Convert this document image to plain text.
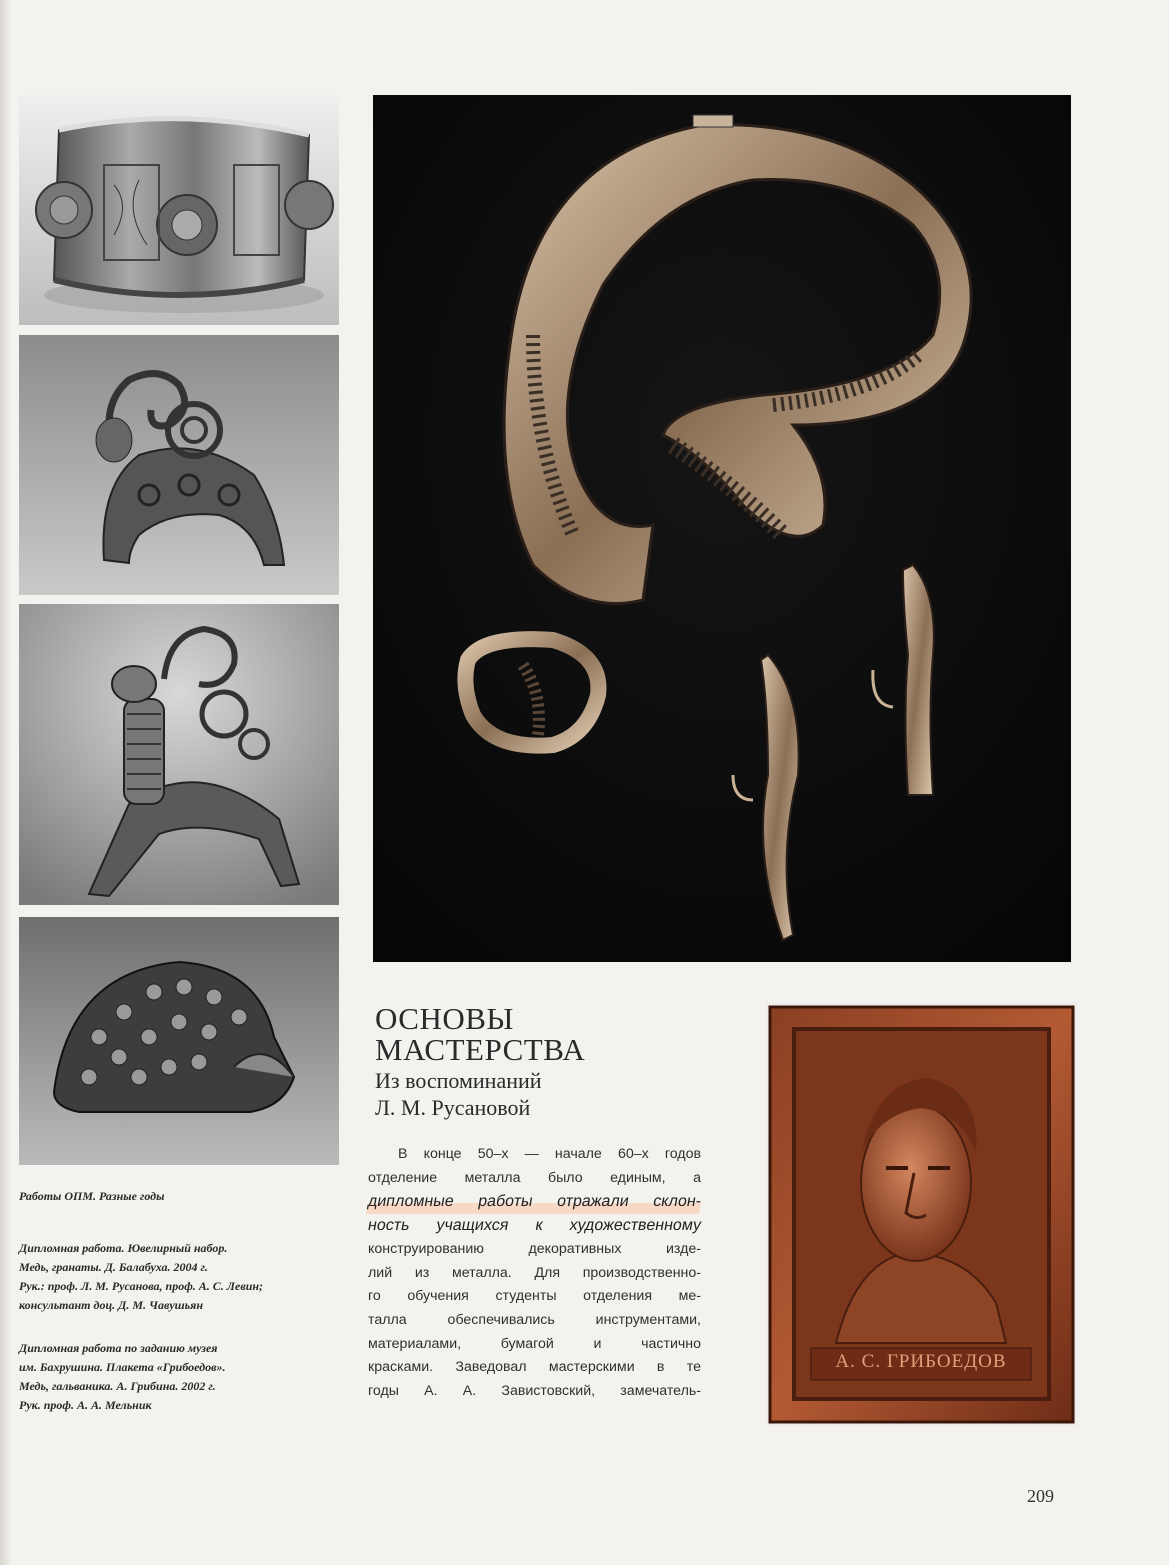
А. С. ГРИБОЕДОВ
Работы ОПМ. Разные годы
Дипломная работа. Ювелирный набор.
Медь, гранаты. Д. Балабуха. 2004 г.
Рук.: проф. Л. М. Русанова, проф. А. С. Левин;
консультант доц. Д. М. Чавушьян
Дипломная работа по заданию музея
им. Бахрушина. Плакета «Грибоедов».
Медь, гальваника. А. Грибина. 2002 г.
Рук. проф. А. А. Мельник
ОСНОВЫ
МАСТЕРСТВА
Из воспоминаний
Л. М. Русановой
В конце 50–х — начале 60–х годов
отделение металла было единым, а
дипломные работы отражали склон-
ность учащихся к художественному
конструированию декоративных изде-
лий из металла. Для производственно-
го обучения студенты отделения ме-
талла обеспечивались инструментами,
материалами, бумагой и частично
красками. Заведовал мастерскими в те
годы А. А. Завистовский, замечатель-
209
